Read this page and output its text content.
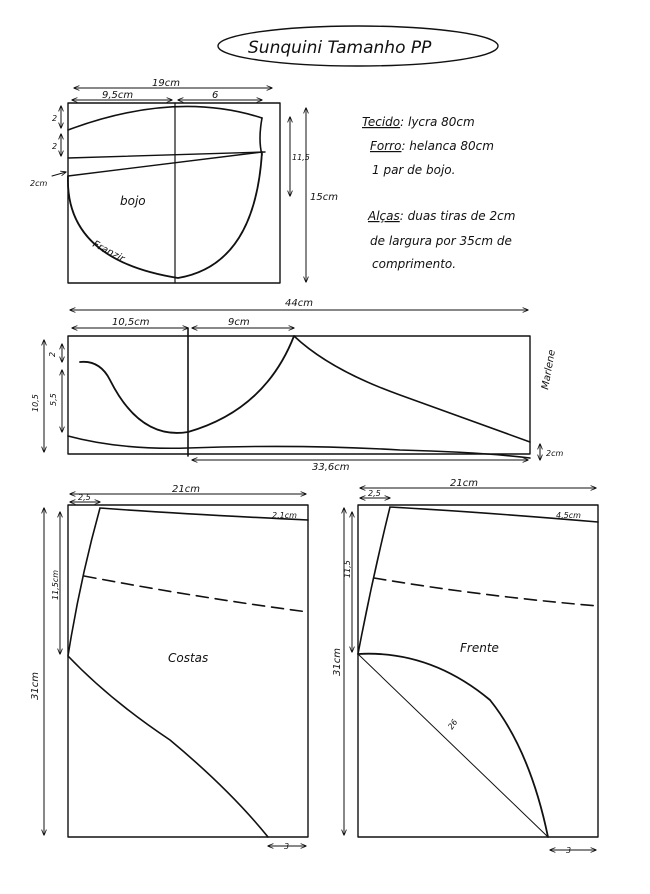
Sunquini Tamanho PP
19cm
9,5cm	6
2
2
2cm
11,5
15cm
bojo
Franzir
Tecido: lycra 80cm
Forro: helanca 80cm
1 par de bojo.
Alças: duas tiras de 2cm
de largura por 35cm de
comprimento.
Marlene
44cm
10,5cm	9cm
10,5 5,5
2
2cm
33,6cm
21cm
2,5
2,1cm
31cm
11,5cm
Costas
3
21cm
2,5
4,5cm
31cm
11,5
Frente
26
3
